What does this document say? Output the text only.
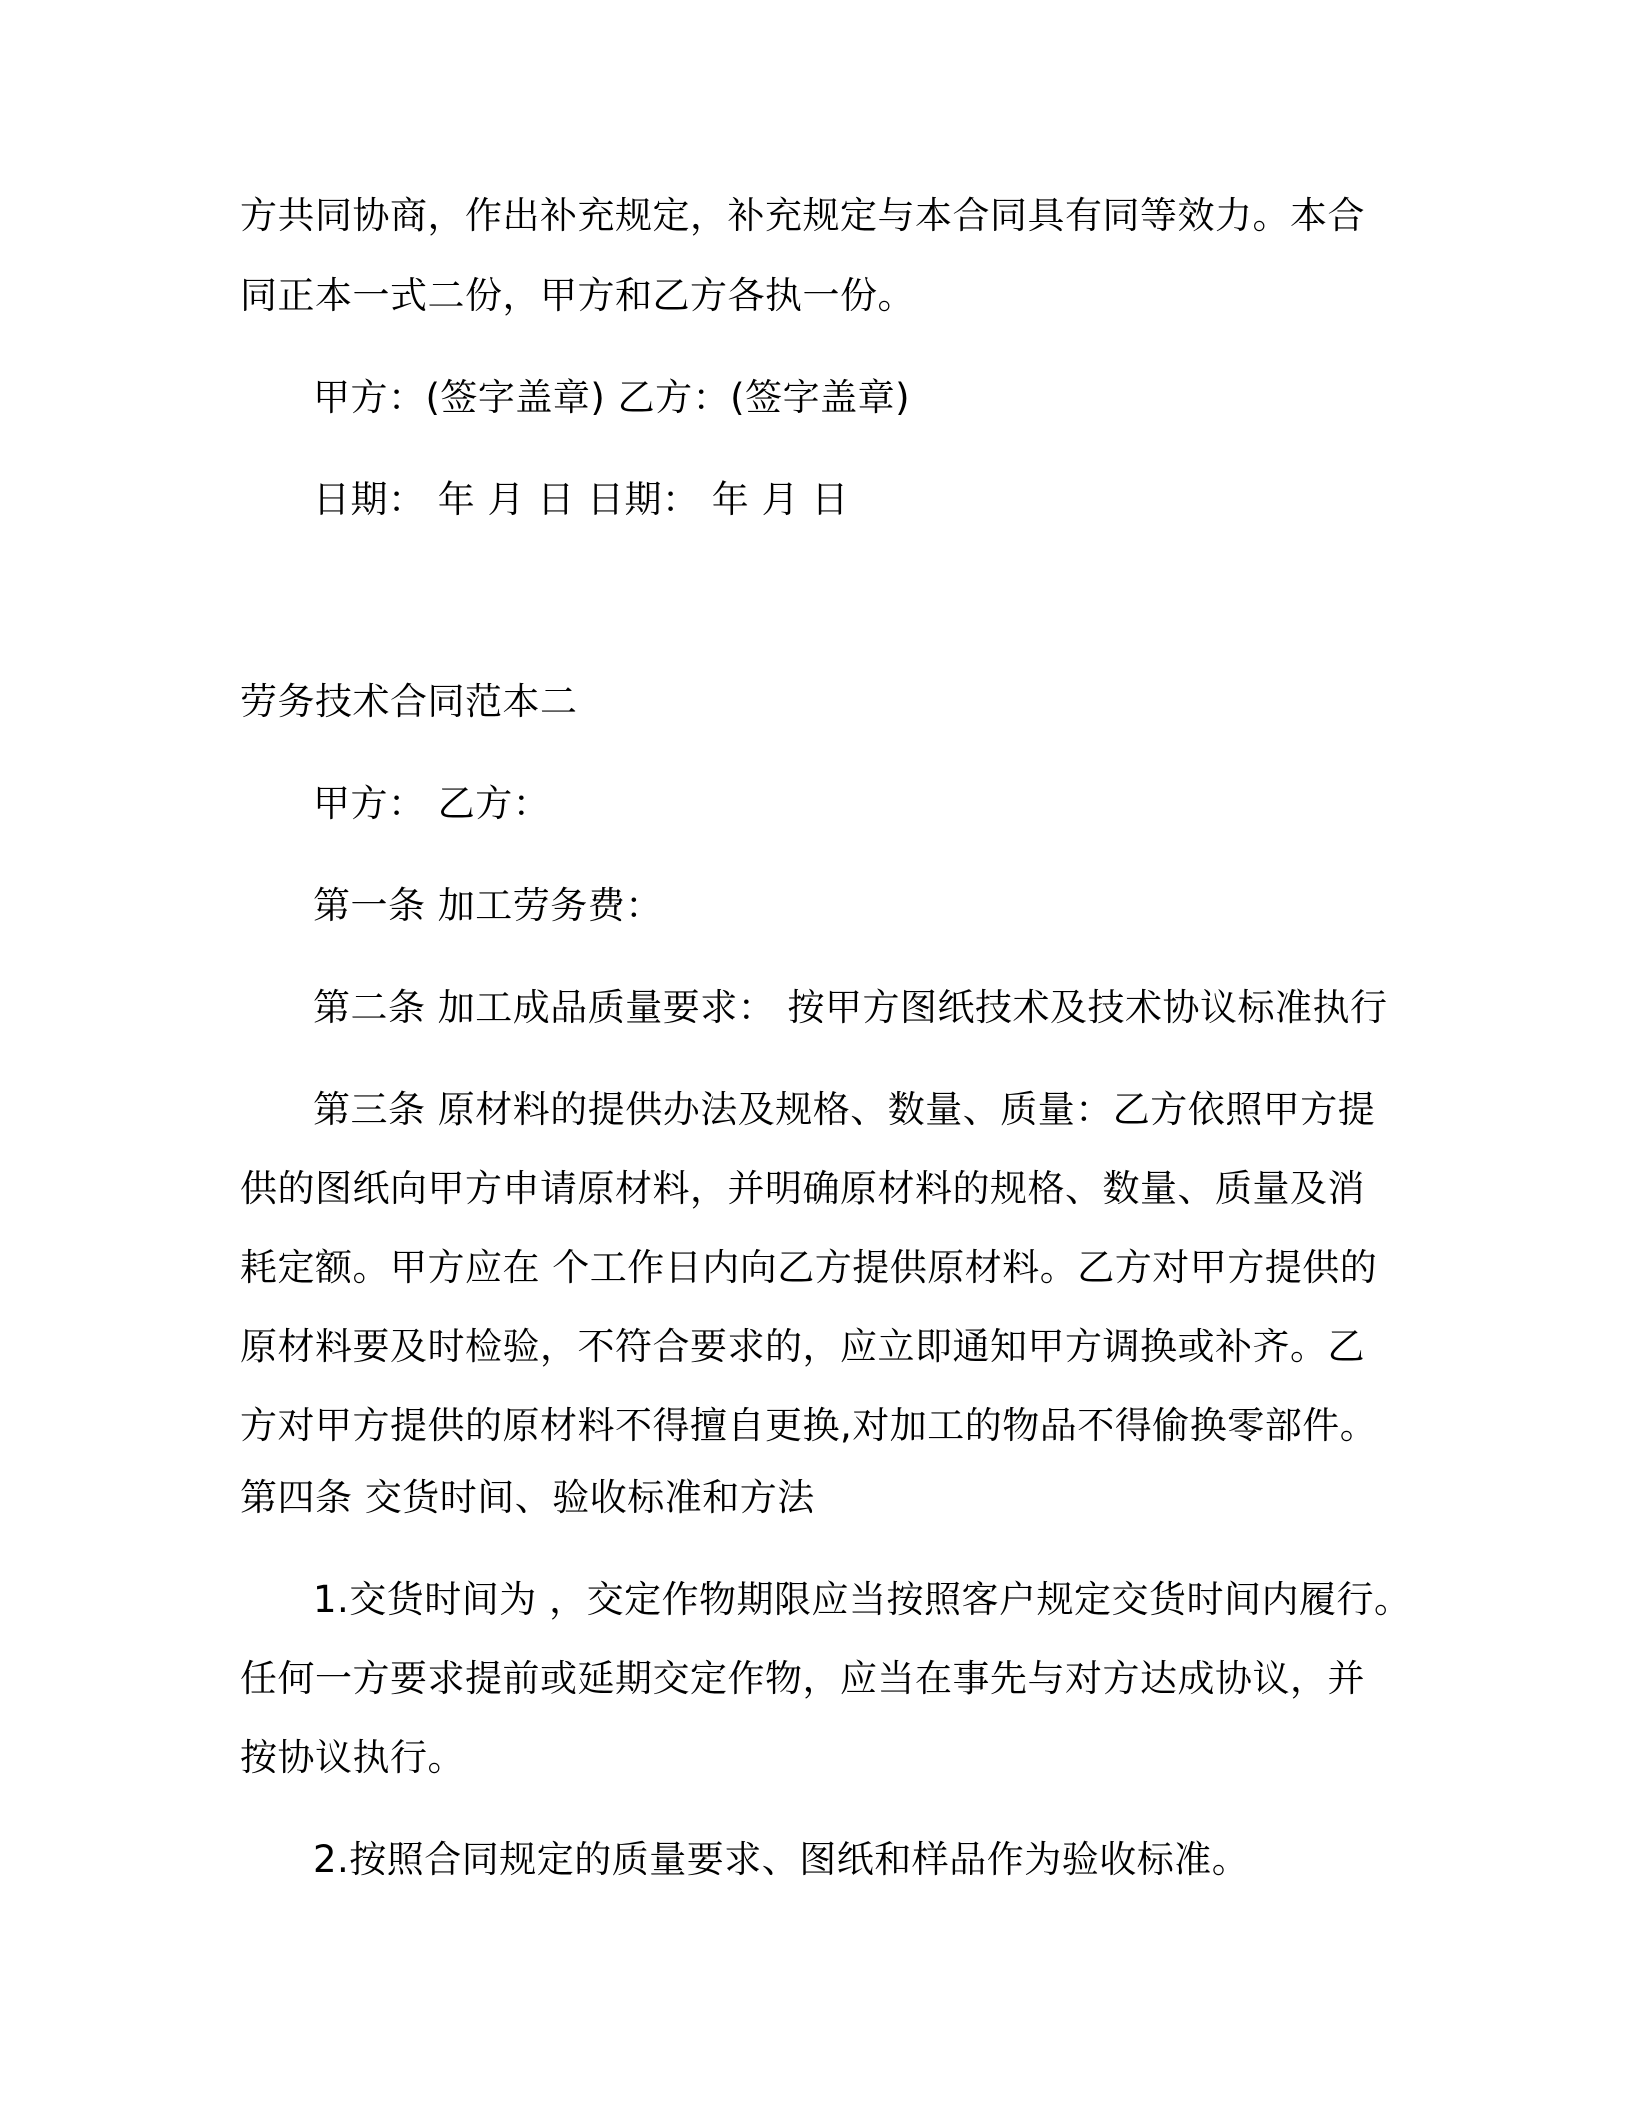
方共同协商，作出补充规定，补充规定与本合同具有同等效力。本合

同正本一式二份，甲方和乙方各执一份。

甲方：(签字盖章) 乙方：(签字盖章)

日期： 年 月 日 日期： 年 月 日

劳务技术合同范本二

甲方： 乙方：

第一条 加工劳务费：

第二条 加工成品质量要求： 按甲方图纸技术及技术协议标准执行

第三条 原材料的提供办法及规格、数量、质量：乙方依照甲方提

供的图纸向甲方申请原材料，并明确原材料的规格、数量、质量及消

耗定额。甲方应在 个工作日内向乙方提供原材料。乙方对甲方提供的

原材料要及时检验，不符合要求的，应立即通知甲方调换或补齐。乙

方对甲方提供的原材料不得擅自更换,对加工的物品不得偷换零部件。

第四条 交货时间、验收标准和方法

1.交货时间为 ，交定作物期限应当按照客户规定交货时间内履行。

任何一方要求提前或延期交定作物，应当在事先与对方达成协议，并

按协议执行。

2.按照合同规定的质量要求、图纸和样品作为验收标准。
